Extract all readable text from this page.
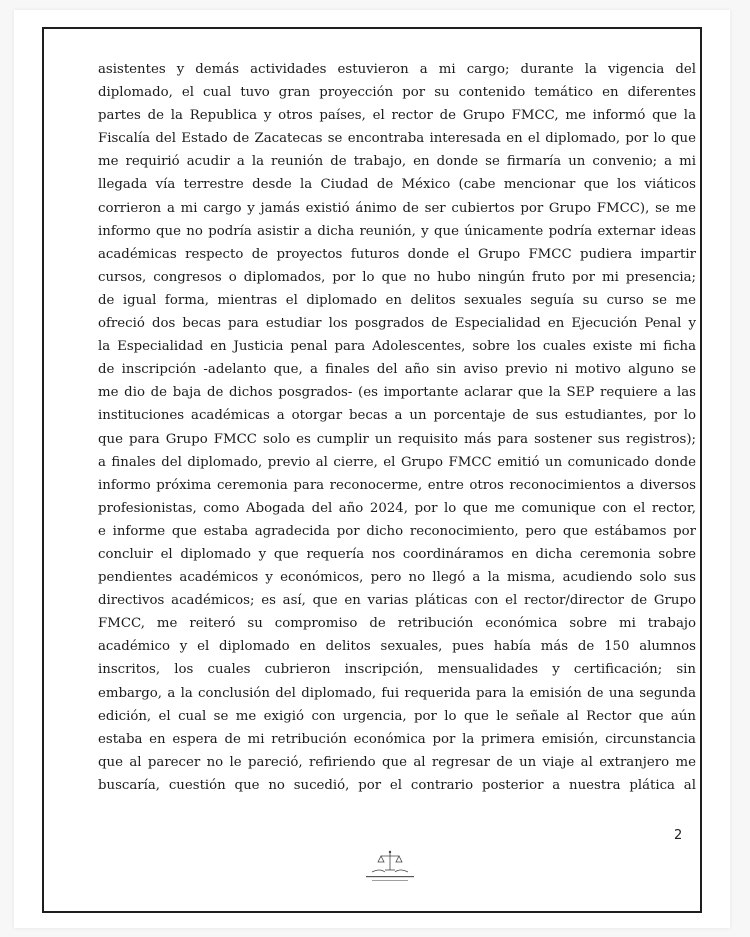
asistentes y demás actividades estuvieron a mi cargo; durante la vigencia del
diplomado, el cual tuvo gran proyección por su contenido temático en diferentes
partes de la Republica y otros países, el rector de Grupo FMCC, me informó que la
Fiscalía del Estado de Zacatecas se encontraba interesada en el diplomado, por lo que
me requirió acudir a la reunión de trabajo, en donde se firmaría un convenio; a mi
llegada vía terrestre desde la Ciudad de México (cabe mencionar que los viáticos
corrieron a mi cargo y jamás existió ánimo de ser cubiertos por Grupo FMCC), se me
informo que no podría asistir a dicha reunión, y que únicamente podría externar ideas
académicas respecto de proyectos futuros donde el Grupo FMCC pudiera impartir
cursos, congresos o diplomados, por lo que no hubo ningún fruto por mi presencia;
de igual forma, mientras el diplomado en delitos sexuales seguía su curso se me
ofreció dos becas para estudiar los posgrados de Especialidad en Ejecución Penal y
la Especialidad en Justicia penal para Adolescentes, sobre los cuales existe mi ficha
de inscripción -adelanto que, a finales del año sin aviso previo ni motivo alguno se
me dio de baja de dichos posgrados- (es importante aclarar que la SEP requiere a las
instituciones académicas a otorgar becas a un porcentaje de sus estudiantes, por lo
que para Grupo FMCC solo es cumplir un requisito más para sostener sus registros);
a finales del diplomado, previo al cierre, el Grupo FMCC emitió un comunicado donde
informo próxima ceremonia para reconocerme, entre otros reconocimientos a diversos
profesionistas, como Abogada del año 2024, por lo que me comunique con el rector,
e informe que estaba agradecida por dicho reconocimiento, pero que estábamos por
concluir el diplomado y que requería nos coordináramos en dicha ceremonia sobre
pendientes académicos y económicos, pero no llegó a la misma, acudiendo solo sus
directivos académicos; es así, que en varias pláticas con el rector/director de Grupo
FMCC, me reiteró su compromiso de retribución económica sobre mi trabajo
académico y el diplomado en delitos sexuales, pues había más de 150 alumnos
inscritos, los cuales cubrieron inscripción, mensualidades y certificación; sin
embargo, a la conclusión del diplomado, fui requerida para la emisión de una segunda
edición, el cual se me exigió con urgencia, por lo que le señale al Rector que aún
estaba en espera de mi retribución económica por la primera emisión, circunstancia
que al parecer no le pareció, refiriendo que al regresar de un viaje al extranjero me
buscaría, cuestión que no sucedió, por el contrario posterior a nuestra plática al
2
